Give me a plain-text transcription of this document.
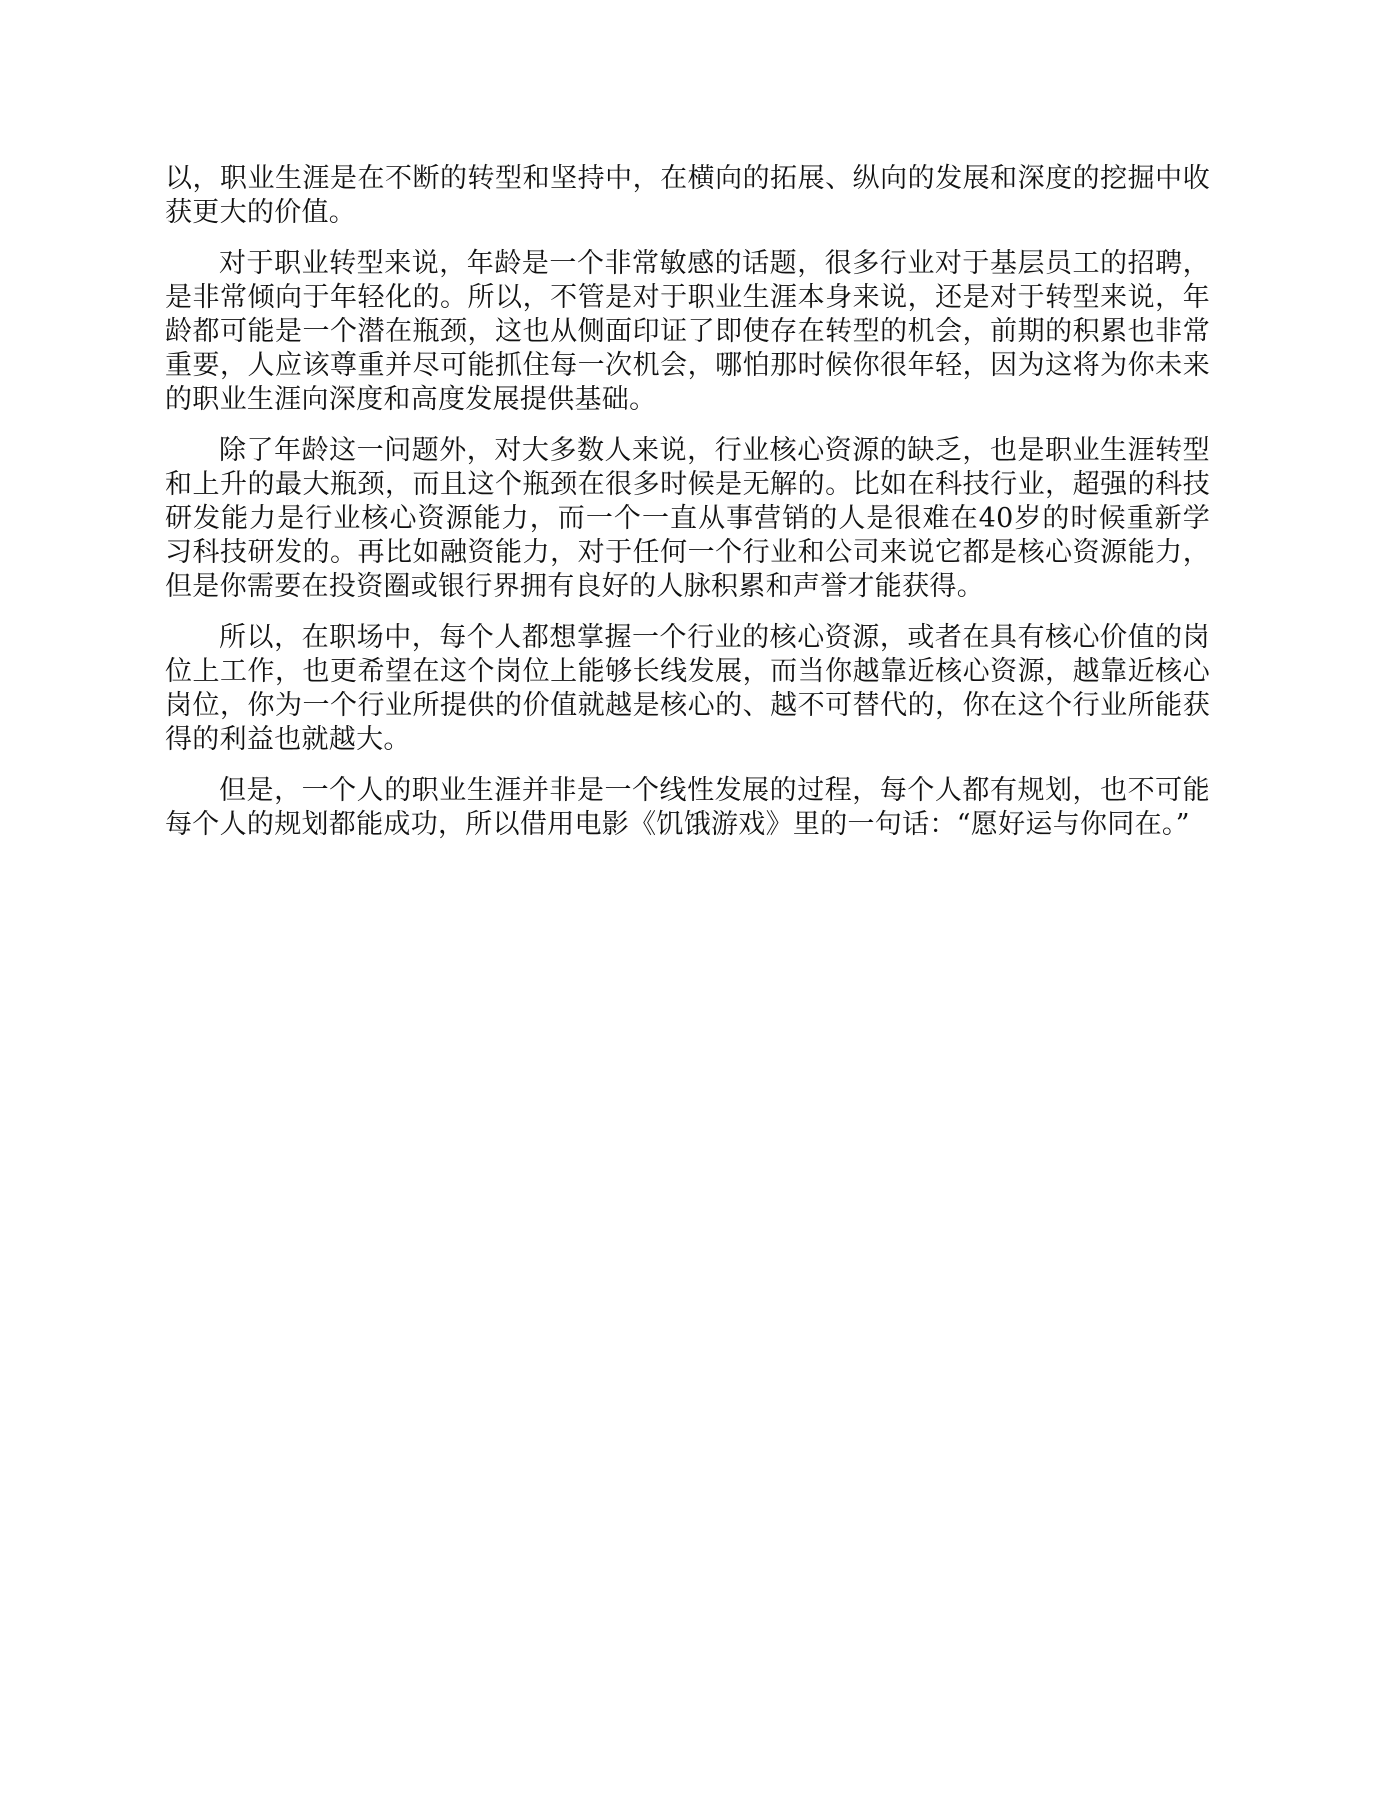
以，职业生涯是在不断的转型和坚持中，在横向的拓展、纵向的发展和深度的挖掘中收获更大的价值。

对于职业转型来说，年龄是一个非常敏感的话题，很多行业对于基层员工的招聘，是非常倾向于年轻化的。所以，不管是对于职业生涯本身来说，还是对于转型来说，年龄都可能是一个潜在瓶颈，这也从侧面印证了即使存在转型的机会，前期的积累也非常重要，人应该尊重并尽可能抓住每一次机会，哪怕那时候你很年轻，因为这将为你未来的职业生涯向深度和高度发展提供基础。

除了年龄这一问题外，对大多数人来说，行业核心资源的缺乏，也是职业生涯转型和上升的最大瓶颈，而且这个瓶颈在很多时候是无解的。比如在科技行业，超强的科技研发能力是行业核心资源能力，而一个一直从事营销的人是很难在40岁的时候重新学习科技研发的。再比如融资能力，对于任何一个行业和公司来说它都是核心资源能力，但是你需要在投资圈或银行界拥有良好的人脉积累和声誉才能获得。

所以，在职场中，每个人都想掌握一个行业的核心资源，或者在具有核心价值的岗位上工作，也更希望在这个岗位上能够长线发展，而当你越靠近核心资源，越靠近核心岗位，你为一个行业所提供的价值就越是核心的、越不可替代的，你在这个行业所能获得的利益也就越大。

但是，一个人的职业生涯并非是一个线性发展的过程，每个人都有规划，也不可能每个人的规划都能成功，所以借用电影《饥饿游戏》里的一句话：“愿好运与你同在。”
